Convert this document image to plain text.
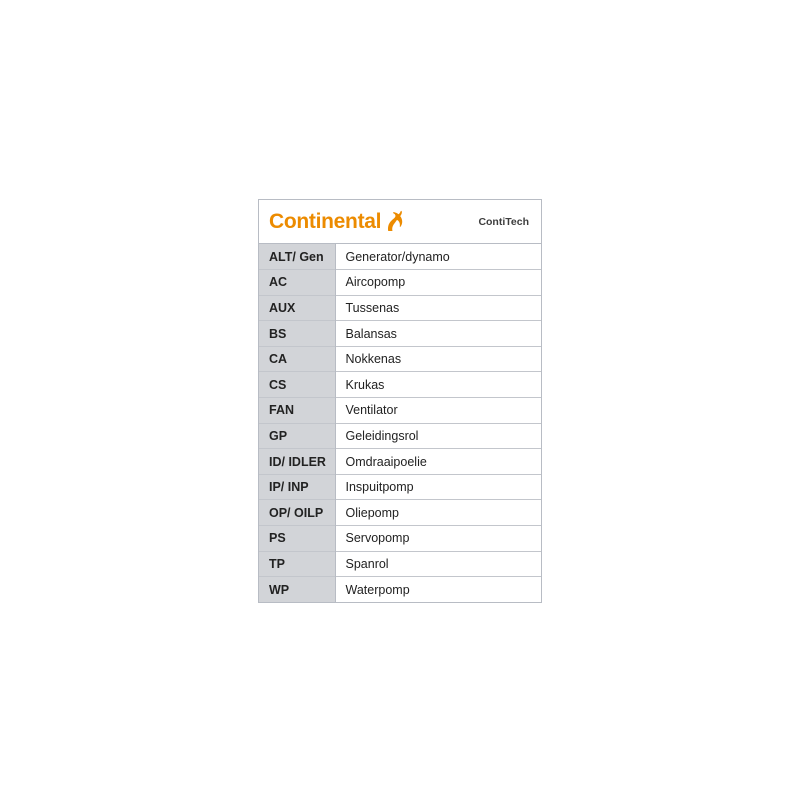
Continental	ContiTech
ALT/ Gen	Generator/dynamo
AC	Aircopomp
AUX	Tussenas
BS	Balansas
CA	Nokkenas
CS	Krukas
FAN	Ventilator
GP	Geleidingsrol
ID/ IDLER	Omdraaipoelie
IP/ INP	Inspuitpomp
OP/ OILP	Oliepomp
PS	Servopomp
TP	Spanrol
WP	Waterpomp
